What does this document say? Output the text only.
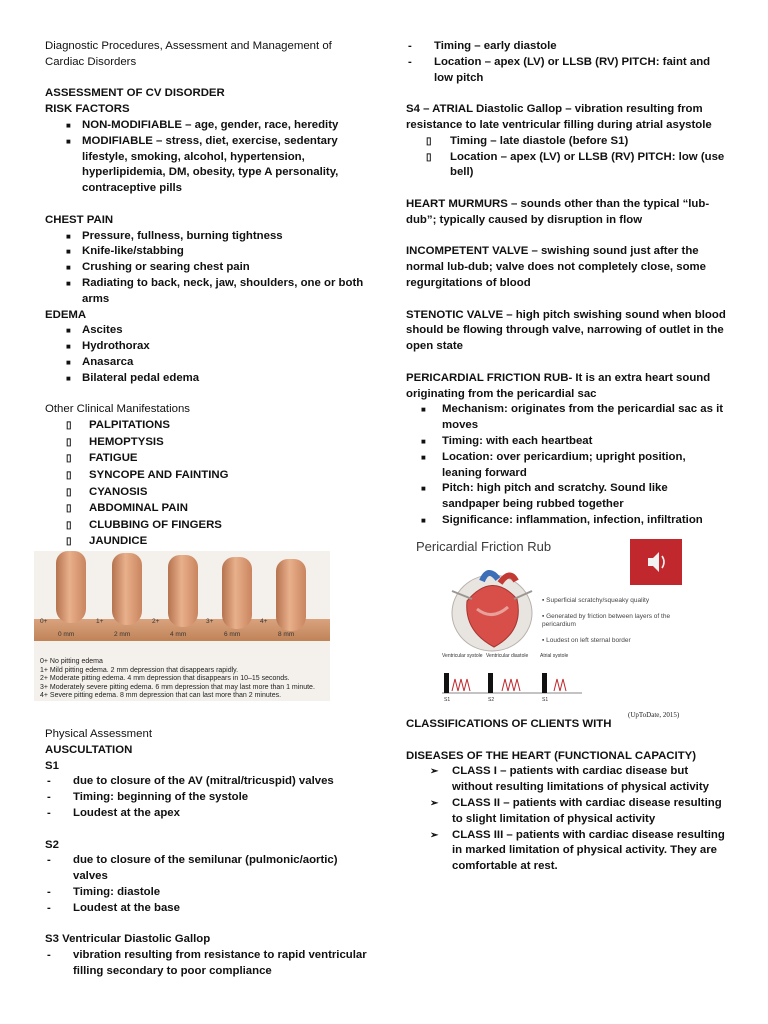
Diagnostic Procedures, Assessment and Management of
Cardiac Disorders
ASSESSMENT OF CV DISORDER
RISK FACTORS
■ NON-MODIFIABLE – age, gender, race, heredity
■ MODIFIABLE – stress, diet, exercise, sedentary lifestyle, smoking, alcohol, hypertension, hyperlipidemia, DM, obesity, type A personality, contraceptive pills
CHEST PAIN
■ Pressure, fullness, burning tightness
■ Knife-like/stabbing
■ Crushing or searing chest pain
■ Radiating to back, neck, jaw, shoulders, one or both arms
EDEMA
■ Ascites
■ Hydrothorax
■ Anasarca
■ Bilateral pedal edema
Other Clinical Manifestations
▯	PALPITATIONS
▯	HEMOPTYSIS
▯	FATIGUE
▯	SYNCOPE AND FAINTING
▯	CYANOSIS
▯	ABDOMINAL PAIN
▯	CLUBBING OF FINGERS
▯	JAUNDICE
0+	1+	2+	3+	4+
0 mm	2 mm	4 mm	6 mm	8 mm
0+ No pitting edema
1+ Mild pitting edema. 2 mm depression that disappears rapidly.
2+ Moderate pitting edema. 4 mm depression that disappears in 10–15 seconds.
3+ Moderately severe pitting edema. 6 mm depression that may last more than 1 minute.
4+ Severe pitting edema. 8 mm depression that can last more than 2 minutes.
Physical Assessment
AUSCULTATION
S1
-	due to closure of the AV (mitral/tricuspid) valves
-	Timing: beginning of the systole
-	Loudest at the apex
S2
-	due to closure of the semilunar (pulmonic/aortic) valves
-	Timing: diastole
-	Loudest at the base
S3 Ventricular Diastolic Gallop
-	vibration resulting from resistance to rapid ventricular filling secondary to poor compliance
-	Timing – early diastole
-	Location – apex (LV) or LLSB (RV) PITCH: faint and low pitch
S4 – ATRIAL Diastolic Gallop – vibration resulting from resistance to late ventricular filling during atrial asystole
▯	Timing – late diastole (before S1)
▯	Location – apex (LV) or LLSB (RV) PITCH: low (use bell)
HEART MURMURS – sounds other than the typical “lub-dub”; typically caused by disruption in flow
INCOMPETENT VALVE – swishing sound just after the normal lub-dub; valve does not completely close, some regurgitations of blood
STENOTIC VALVE – high pitch swishing sound when blood should be flowing through valve, narrowing of outlet in the open state
PERICARDIAL FRICTION RUB- It is an extra heart sound originating from the pericardial sac
■	Mechanism: originates from the pericardial sac as it moves
■	Timing: with each heartbeat
■	Location: over pericardium; upright position, leaning forward
■	Pitch: high pitch and scratchy. Sound like sandpaper being rubbed together
■	Significance: inflammation, infection, infiltration
Pericardial Friction Rub
▪ Superficial scratchy/squeaky quality
▪ Generated by friction between layers of the pericardium
▪ Loudest on left sternal border
Ventricular systole Ventricular diastole Atrial systole
S1	S2	S1
(UpToDate, 2015)
CLASSIFICATIONS OF CLIENTS WITH
DISEASES OF THE HEART (FUNCTIONAL CAPACITY)
➢	CLASS I – patients with cardiac disease but without resulting limitations of physical activity
➢	CLASS II – patients with cardiac disease resulting to slight limitation of physical activity
➢	CLASS III – patients with cardiac disease resulting in marked limitation of physical activity. They are comfortable at rest.
